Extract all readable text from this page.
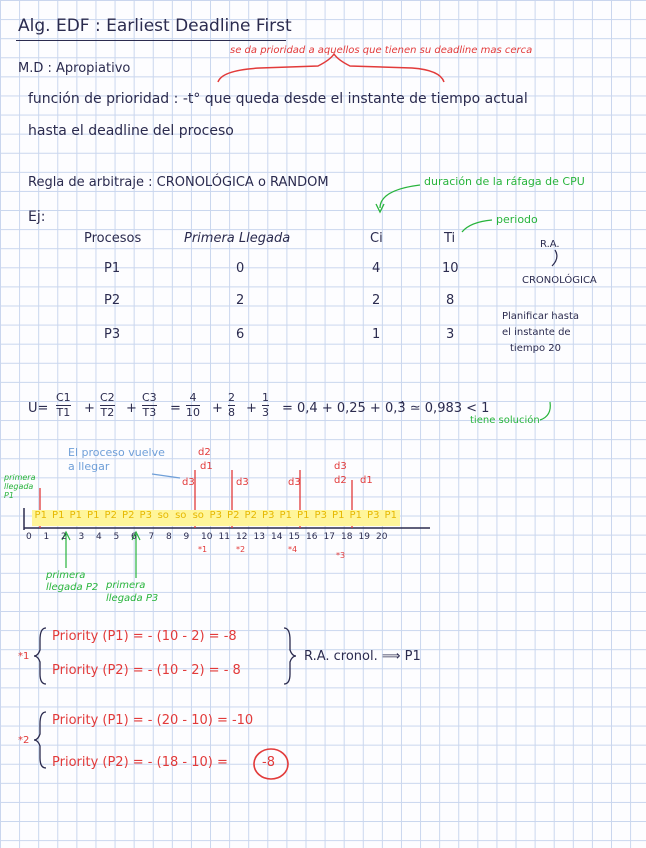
Alg. EDF : Earliest Deadline First
se da prioridad a aquellos que tienen su deadline mas cerca
M.D : Apropiativo
función de prioridad : -t° que queda desde el instante de tiempo actual
hasta el deadline del proceso
Regla de arbitraje : CRONOLÓGICA o RANDOM	duración de la ráfaga de CPU
Ej:	periodo
Procesos	Primera Llegada	Ci	Ti
P1	0	4	10
P2	2	2	8
P3	6	1	3
R.A.
CRONOLÓGICA
Planificar hasta
el instante de
tiempo 20
U=
C1
T1 +
C2
T2 +
C3
T3 =
4
10 +
2
8 +
1
3 = 0,4 + 0,25 + 0,3̂ ≃ 0,983 < 1
tiene solución
El proceso vuelve a llegar
primera llegada P1
d2
d1
d3	d3	d3
d3
d2 d1
P1 P1 P1 P1 P2 P2 P3 so so so P3 P2 P2 P3 P1 P1 P3 P1 P1 P3 P1
0	1	2	3	4	5	6	7	8	9	10 11 12 13 14 15 16 17 18 19 20
*1	*2	*4
*3
primera llegada P2 primera llegada P3
*1
Priority (P1) = - (10 - 2) = -8
Priority (P2) = - (10 - 2) = - 8
R.A. cronol. ⟹ P1
*2
Priority (P1) = - (20 - 10) = -10
Priority (P2) = - (18 - 10) =	-8
